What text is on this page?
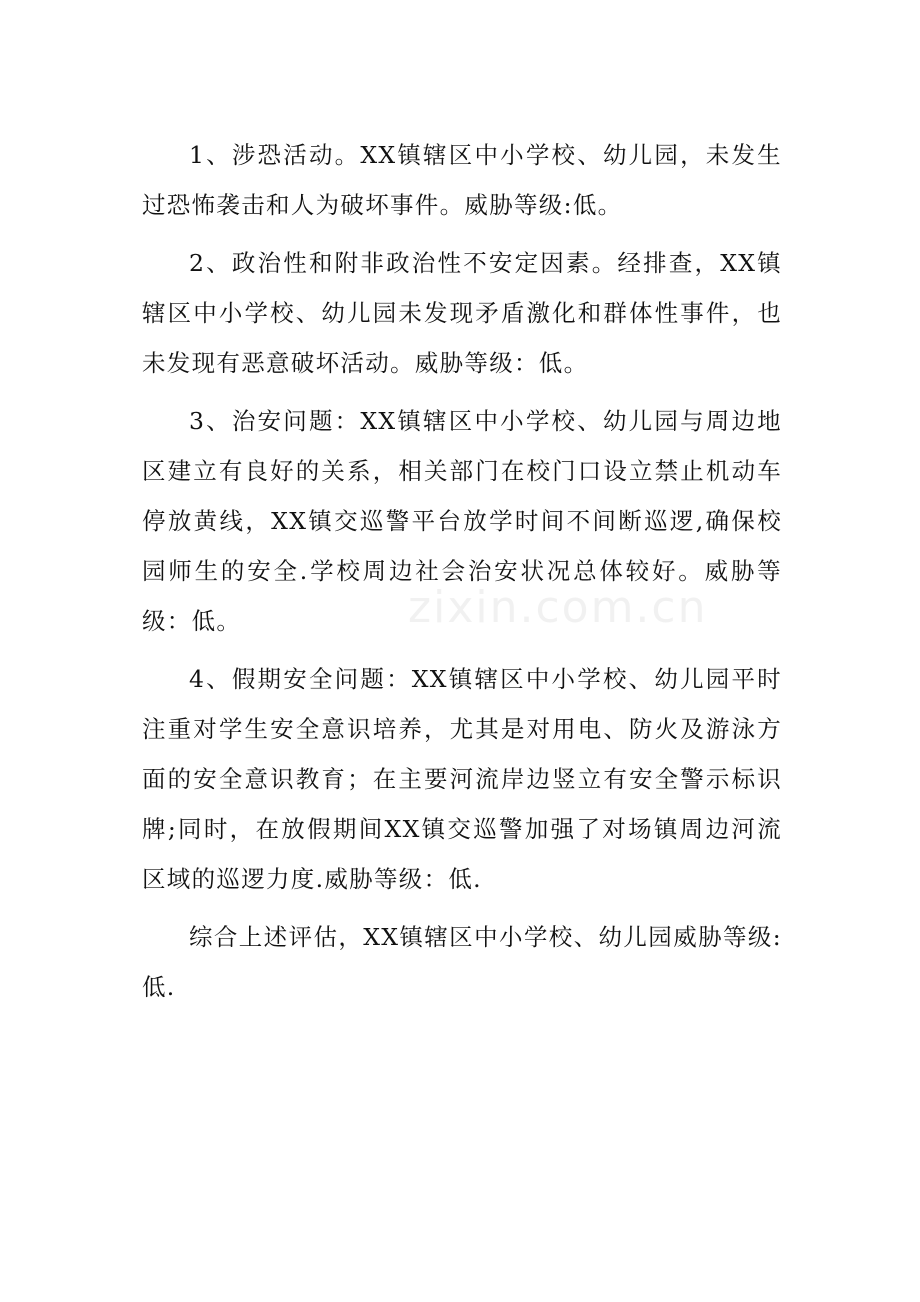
1、涉恐活动。XX镇辖区中小学校、幼儿园，未发生过恐怖袭击和人为破坏事件。威胁等级:低。

2、政治性和附非政治性不安定因素。经排查，XX镇辖区中小学校、幼儿园未发现矛盾激化和群体性事件，也未发现有恶意破坏活动。威胁等级：低。

3、治安问题：XX镇辖区中小学校、幼儿园与周边地区建立有良好的关系，相关部门在校门口设立禁止机动车停放黄线，XX镇交巡警平台放学时间不间断巡逻,确保校园师生的安全.学校周边社会治安状况总体较好。威胁等级：低。

4、假期安全问题：XX镇辖区中小学校、幼儿园平时注重对学生安全意识培养，尤其是对用电、防火及游泳方面的安全意识教育；在主要河流岸边竖立有安全警示标识牌;同时，在放假期间XX镇交巡警加强了对场镇周边河流区域的巡逻力度.威胁等级：低.

综合上述评估，XX镇辖区中小学校、幼儿园威胁等级:低.

zixin.com.cn
